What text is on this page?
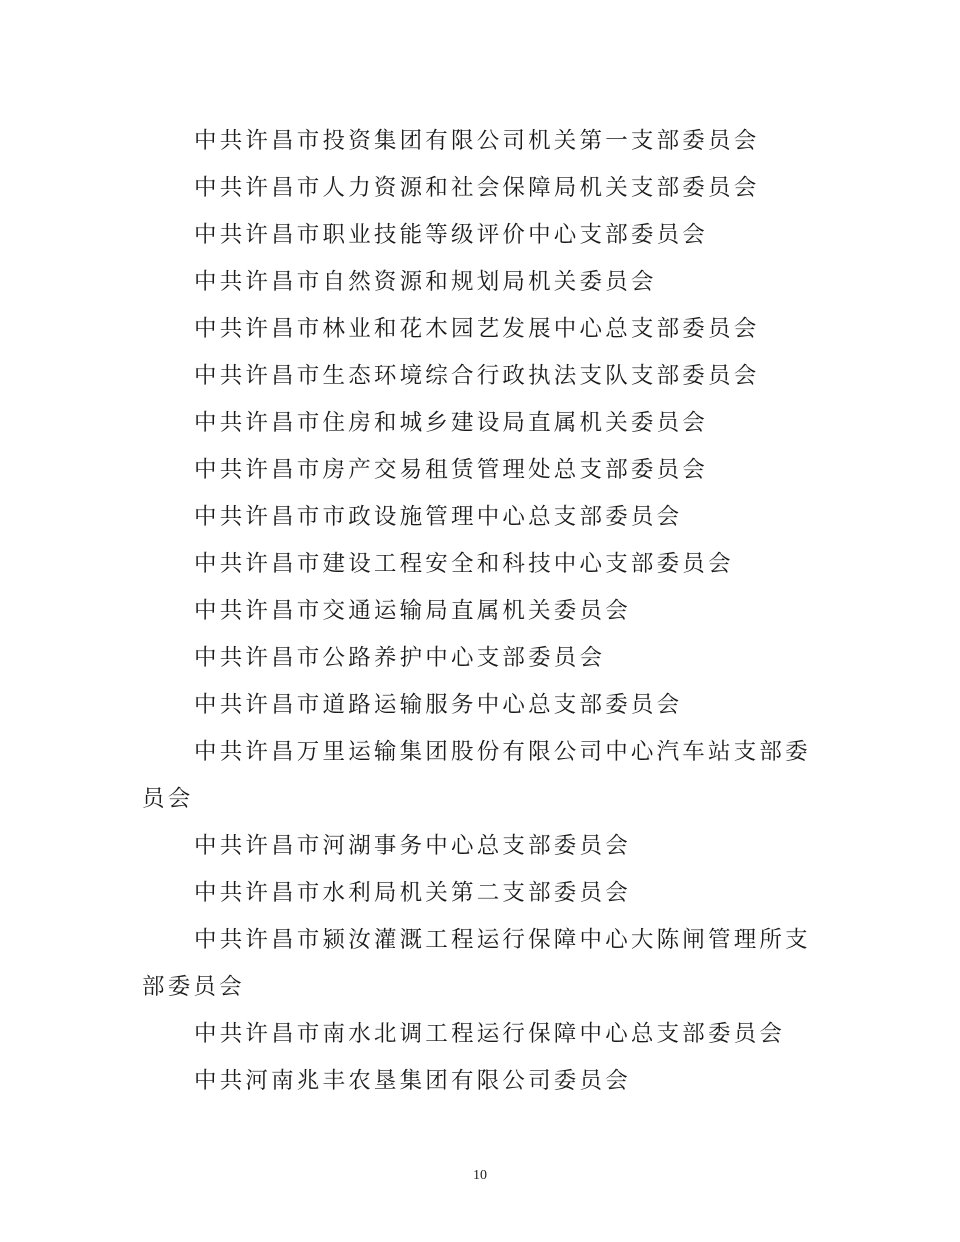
中共许昌市投资集团有限公司机关第一支部委员会
中共许昌市人力资源和社会保障局机关支部委员会
中共许昌市职业技能等级评价中心支部委员会
中共许昌市自然资源和规划局机关委员会
中共许昌市林业和花木园艺发展中心总支部委员会
中共许昌市生态环境综合行政执法支队支部委员会
中共许昌市住房和城乡建设局直属机关委员会
中共许昌市房产交易租赁管理处总支部委员会
中共许昌市市政设施管理中心总支部委员会
中共许昌市建设工程安全和科技中心支部委员会
中共许昌市交通运输局直属机关委员会
中共许昌市公路养护中心支部委员会
中共许昌市道路运输服务中心总支部委员会
中共许昌万里运输集团股份有限公司中心汽车站支部委员会
中共许昌市河湖事务中心总支部委员会
中共许昌市水利局机关第二支部委员会
中共许昌市颍汝灌溉工程运行保障中心大陈闸管理所支部委员会
中共许昌市南水北调工程运行保障中心总支部委员会
中共河南兆丰农垦集团有限公司委员会
10
